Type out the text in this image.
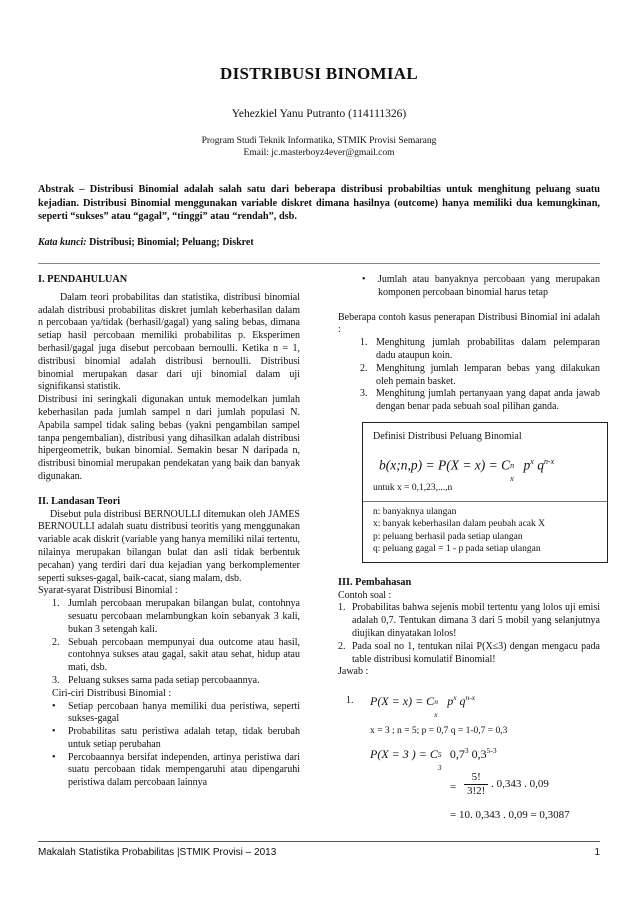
DISTRIBUSI BINOMIAL
Yehezkiel Yanu Putranto (114111326)
Program Studi Teknik Informatika, STMIK Provisi Semarang
Email: jc.masterboyz4ever@gmail.com
Abstrak – Distribusi Binomial adalah salah satu dari beberapa distribusi probabiltias untuk menghitung peluang suatu kejadian. Distribusi Binomial menggunakan variable diskret dimana hasilnya (outcome) hanya memiliki dua kemungkinan, seperti “sukses” atau “gagal”, “tinggi” atau “rendah”, dsb.
Kata kunci: Distribusi; Binomial; Peluang; Diskret

I. PENDAHULUAN

Dalam teori probabilitas dan statistika, distribusi binomial adalah distribusi probabilitas diskret jumlah keberhasilan dalam n percobaan ya/tidak (berhasil/gagal) yang saling bebas, dimana setiap hasil percobaan memiliki probabilitas p. Eksperimen berhasil/gagal juga disebut percobaan bernoulli. Ketika n = 1, distribusi binomial adalah distribusi bernoulli. Distribusi binomial merupakan dasar dari uji binomial dalam uji signifikansi statistik.

Distribusi ini seringkali digunakan untuk memodelkan jumlah keberhasilan pada jumlah sampel n dari jumlah populasi N. Apabila sampel tidak saling bebas (yakni pengambilan sampel tanpa pengembalian), distribusi yang dihasilkan adalah distribusi hipergeometrik, bukan binomial. Semakin besar N daripada n, distribusi binomial merupakan pendekatan yang baik dan banyak digunakan.

II. Landasan Teori

Disebut pula distribusi BERNOULLI ditemukan oleh JAMES BERNOULLI adalah suatu distribusi teoritis yang menggunakan variable acak diskrit (variable yang hanya memiliki nilai tertentu, nilainya merupakan bilangan bulat dan asli tidak berbentuk pecahan) yang terdiri dari dua kejadian yang berkomplementer seperti sukses-gagal, baik-cacat, siang malam, dsb.

Syarat-syarat Distribusi Binomial :

1. Jumlah percobaan merupakan bilangan bulat, contohnya sesuatu percobaan melambungkan koin sebanyak 3 kali, bukan 3 setengah kali.
2. Sebuah percobaan mempunyai dua outcome atau hasil, contohnya sukses atau gagal, sakit atau sehat, hidup atau mati, dsb.
3. Peluang sukses sama pada setiap percobaannya.

Ciri-ciri Distribusi Binomial :

• Setiap percobaan hanya memiliki dua peristiwa, seperti sukses-gagal
• Probabilitas satu peristiwa adalah tetap, tidak berubah untuk setiap perubahan
• Percobaannya bersifat independen, artinya peristiwa dari suatu percobaan tidak mempengaruhi atau dipengaruhi peristiwa dalam percobaan lainnya
• Jumlah atau banyaknya percobaan yang merupakan komponen percobaan binomial harus tetap

Beberapa contoh kasus penerapan Distribusi Binomial ini adalah :

1. Menghitung jumlah probabilitas dalam pelemparan dadu ataupun koin.
2. Menghitung jumlah lemparan bebas yang dilakukan oleh pemain basket.
3. Menghitung jumlah pertanyaan yang dapat anda jawab dengan benar pada sebuah soal pilihan ganda.
Definisi Distribusi Peluang Binomial
b(x;n,p) = P(X = x) = C n
x
$p^x$ $q^{n-x}$
untuk x = 0,1,23,...,n
n: banyaknya ulangan
x: banyak keberhasilan dalam peubah acak X
p: peluang berhasil pada setiap ulangan
q: peluang gagal = 1 - p pada setiap ulangan

III. Pembahasan

Contoh soal :

1. Probabilitas bahwa sejenis mobil tertentu yang lolos uji emisi adalah 0,7. Tentukan dimana 3 dari 5 mobil yang selanjutnya diujikan dinyatakan lolos!
2. Pada soal no 1, tentukan nilai P(X≤3) dengan mengacu pada table distribusi komulatif Binomial!

Jawab :

1. P(X = x) = C n
x
$p^x$ $q^{n-x}$
x = 3 ; n = 5; p = 0,7 q = 1-0,7 = 0,3
P(X = 3 ) = C 5
3
$0,7^3$ $0,3^{5-3}$
= $\frac{5!}{3!2!}$ . 0,343 . 0,09
= 10. 0,343 . 0,09 = 0,3087
Makalah Statistika Probabilitas |STMIK Provisi – 2013	1
